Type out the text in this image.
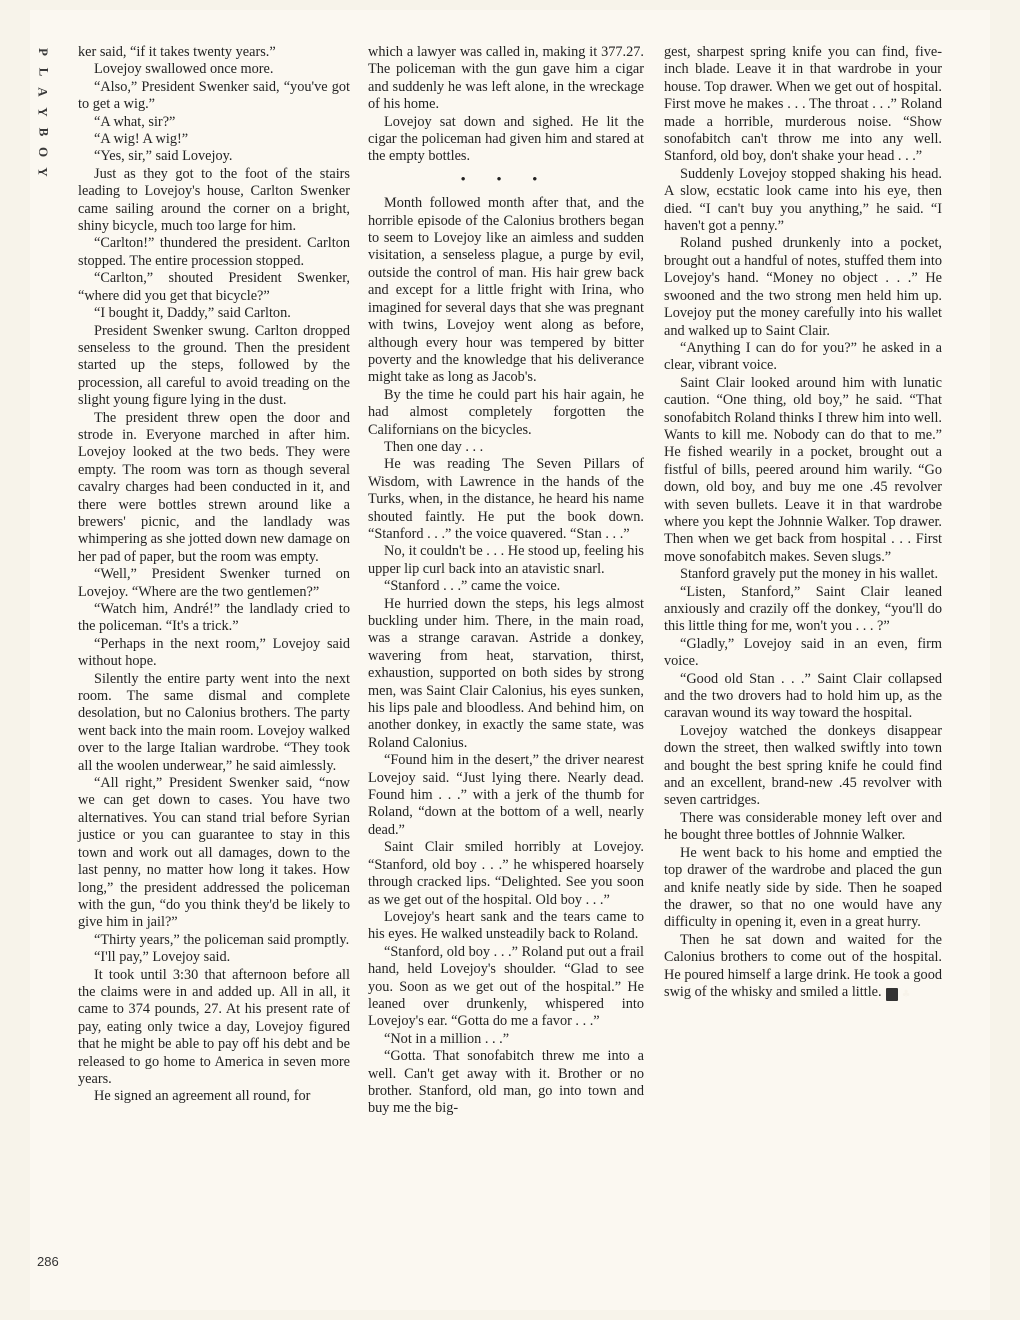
P
L
A
Y
B
O
Y
286

ker said, “if it takes twenty years.”

Lovejoy swallowed once more.

“Also,” President Swenker said, “you've got to get a wig.”

“A what, sir?”

“A wig! A wig!”

“Yes, sir,” said Lovejoy.

Just as they got to the foot of the stairs leading to Lovejoy's house, Carlton Swenker came sailing around the corner on a bright, shiny bicycle, much too large for him.

“Carlton!” thundered the president. Carlton stopped. The entire procession stopped.

“Carlton,” shouted President Swenker, “where did you get that bicycle?”

“I bought it, Daddy,” said Carlton.

President Swenker swung. Carlton dropped senseless to the ground. Then the president started up the steps, followed by the procession, all careful to avoid treading on the slight young figure lying in the dust.

The president threw open the door and strode in. Everyone marched in after him. Lovejoy looked at the two beds. They were empty. The room was torn as though several cavalry charges had been conducted in it, and there were bottles strewn around like a brewers' picnic, and the landlady was whimpering as she jotted down new damage on her pad of paper, but the room was empty.

“Well,” President Swenker turned on Lovejoy. “Where are the two gentlemen?”

“Watch him, André!” the landlady cried to the policeman. “It's a trick.”

“Perhaps in the next room,” Lovejoy said without hope.

Silently the entire party went into the next room. The same dismal and complete desolation, but no Calonius brothers. The party went back into the main room. Lovejoy walked over to the large Italian wardrobe. “They took all the woolen underwear,” he said aimlessly.

“All right,” President Swenker said, “now we can get down to cases. You have two alternatives. You can stand trial before Syrian justice or you can guarantee to stay in this town and work out all damages, down to the last penny, no matter how long it takes. How long,” the president addressed the policeman with the gun, “do you think they'd be likely to give him in jail?”

“Thirty years,” the policeman said promptly.

“I'll pay,” Lovejoy said.

It took until 3:30 that afternoon before all the claims were in and added up. All in all, it came to 374 pounds, 27. At his present rate of pay, eating only twice a day, Lovejoy figured that he might be able to pay off his debt and be released to go home to America in seven more years.

He signed an agreement all round, for

which a lawyer was called in, making it 377.27. The policeman with the gun gave him a cigar and suddenly he was left alone, in the wreckage of his home.

Lovejoy sat down and sighed. He lit the cigar the policeman had given him and stared at the empty bottles.

• • •

Month followed month after that, and the horrible episode of the Calonius brothers began to seem to Lovejoy like an aimless and sudden visitation, a senseless plague, a purge by evil, outside the control of man. His hair grew back and except for a little fright with Irina, who imagined for several days that she was pregnant with twins, Lovejoy went along as before, although every hour was tempered by bitter poverty and the knowledge that his deliverance might take as long as Jacob's.

By the time he could part his hair again, he had almost completely forgotten the Californians on the bicycles.

Then one day . . .

He was reading The Seven Pillars of Wisdom, with Lawrence in the hands of the Turks, when, in the distance, he heard his name shouted faintly. He put the book down. “Stanford . . .” the voice quavered. “Stan . . .”

No, it couldn't be . . . He stood up, feeling his upper lip curl back into an atavistic snarl.

“Stanford . . .” came the voice.

He hurried down the steps, his legs almost buckling under him. There, in the main road, was a strange caravan. Astride a donkey, wavering from heat, starvation, thirst, exhaustion, supported on both sides by strong men, was Saint Clair Calonius, his eyes sunken, his lips pale and bloodless. And behind him, on another donkey, in exactly the same state, was Roland Calonius.

“Found him in the desert,” the driver nearest Lovejoy said. “Just lying there. Nearly dead. Found him . . .” with a jerk of the thumb for Roland, “down at the bottom of a well, nearly dead.”

Saint Clair smiled horribly at Lovejoy. “Stanford, old boy . . .” he whispered hoarsely through cracked lips. “Delighted. See you soon as we get out of the hospital. Old boy . . .”

Lovejoy's heart sank and the tears came to his eyes. He walked unsteadily back to Roland.

“Stanford, old boy . . .” Roland put out a frail hand, held Lovejoy's shoulder. “Glad to see you. Soon as we get out of the hospital.” He leaned over drunkenly, whispered into Lovejoy's ear. “Gotta do me a favor . . .”

“Not in a million . . .”

“Gotta. That sonofabitch threw me into a well. Can't get away with it. Brother or no brother. Stanford, old man, go into town and buy me the big-

gest, sharpest spring knife you can find, five-inch blade. Leave it in that wardrobe in your house. Top drawer. When we get out of hospital. First move he makes . . . The throat . . .” Roland made a horrible, murderous noise. “Show sonofabitch can't throw me into any well. Stanford, old boy, don't shake your head . . .”

Suddenly Lovejoy stopped shaking his head. A slow, ecstatic look came into his eye, then died. “I can't buy you anything,” he said. “I haven't got a penny.”

Roland pushed drunkenly into a pocket, brought out a handful of notes, stuffed them into Lovejoy's hand. “Money no object . . .” He swooned and the two strong men held him up. Lovejoy put the money carefully into his wallet and walked up to Saint Clair.

“Anything I can do for you?” he asked in a clear, vibrant voice.

Saint Clair looked around him with lunatic caution. “One thing, old boy,” he said. “That sonofabitch Roland thinks I threw him into well. Wants to kill me. Nobody can do that to me.” He fished wearily in a pocket, brought out a fistful of bills, peered around him warily. “Go down, old boy, and buy me one .45 revolver with seven bullets. Leave it in that wardrobe where you kept the Johnnie Walker. Top drawer. Then when we get back from hospital . . . First move sonofabitch makes. Seven slugs.”

Stanford gravely put the money in his wallet.

“Listen, Stanford,” Saint Clair leaned anxiously and crazily off the donkey, “you'll do this little thing for me, won't you . . . ?”

“Gladly,” Lovejoy said in an even, firm voice.

“Good old Stan . . .” Saint Clair collapsed and the two drovers had to hold him up, as the caravan wound its way toward the hospital.

Lovejoy watched the donkeys disappear down the street, then walked swiftly into town and bought the best spring knife he could find and an excellent, brand-new .45 revolver with seven cartridges.

There was considerable money left over and he bought three bottles of Johnnie Walker.

He went back to his home and emptied the top drawer of the wardrobe and placed the gun and knife neatly side by side. Then he soaped the drawer, so that no one would have any difficulty in opening it, even in a great hurry.

Then he sat down and waited for the Calonius brothers to come out of the hospital. He poured himself a large drink. He took a good swig of the whisky and smiled a little. ♣
